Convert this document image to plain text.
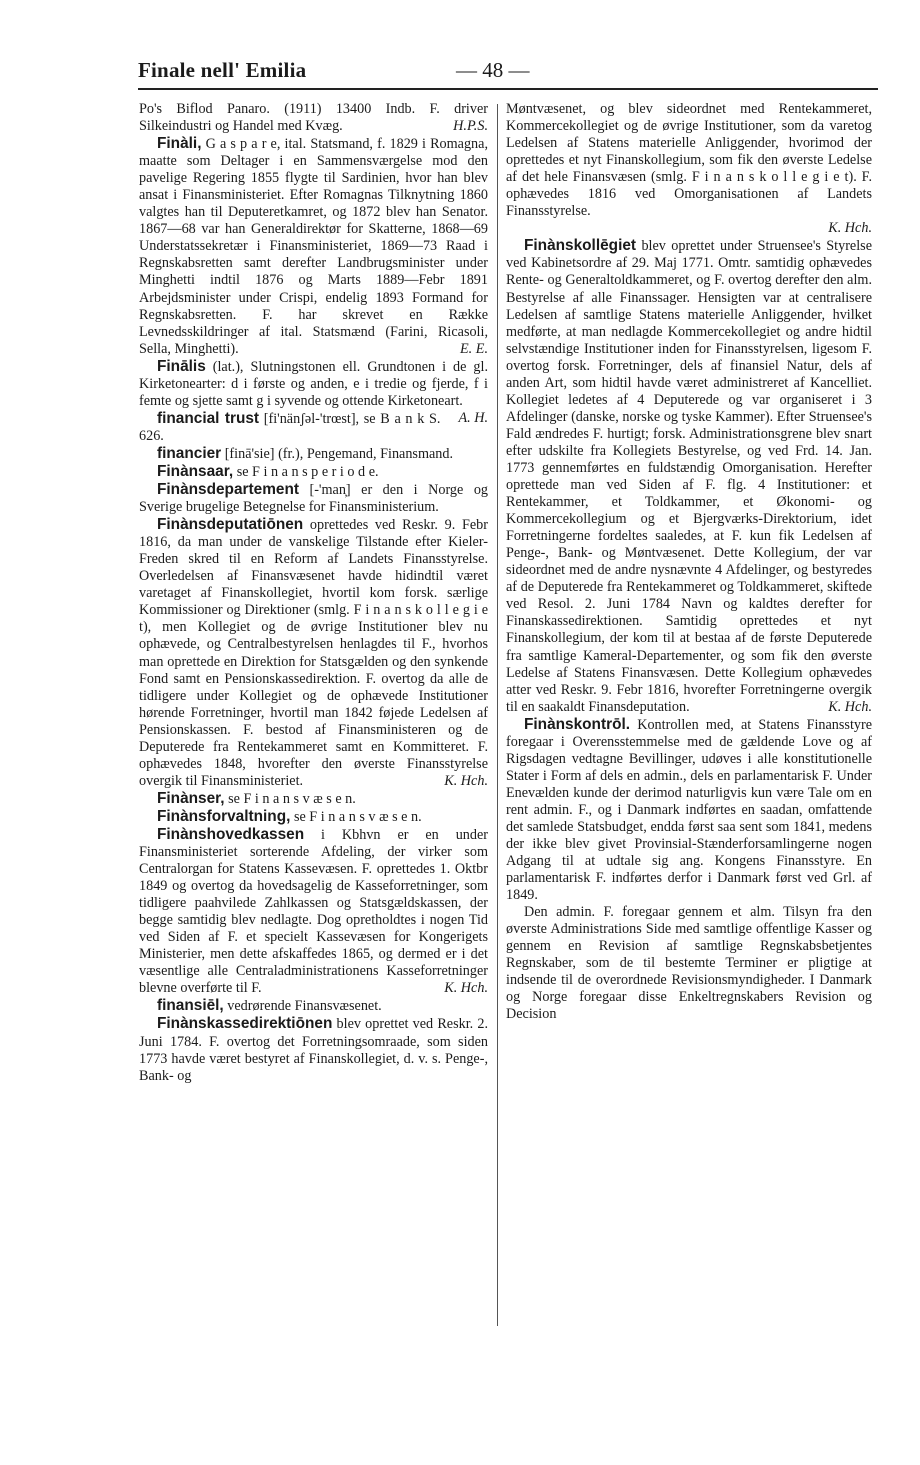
Finale nell' Emilia	— 48 —

Po's Biflod Panaro. (1911) 13400 Indb. F. driver Silkeindustri og Handel med Kvæg.	H.P.S.

Finàli, G a s p a r e, ital. Statsmand, f. 1829 i Romagna, maatte som Deltager i en Sammensværgelse mod den pavelige Regering 1855 flygte til Sardinien, hvor han blev ansat i Finansministeriet. Efter Romagnas Tilknytning 1860 valgtes han til Deputeretkamret, og 1872 blev han Senator. 1867—68 var han Generaldirektør for Skatterne, 1868—69 Understatssekretær i Finansministeriet, 1869—73 Raad i Regnskabsretten samt derefter Landbrugsminister under Minghetti indtil 1876 og Marts 1889—Febr 1891 Arbejdsminister under Crispi, endelig 1893 Formand for Regnskabsretten. F. har skrevet en Række Levnedsskildringer af ital. Statsmænd (Farini, Ricasoli, Sella, Minghetti).	E. E.

Finālis (lat.), Slutningstonen ell. Grundtonen i de gl. Kirketonearter: d i første og anden, e i tredie og fjerde, f i femte og sjette samt g i syvende og ottende Kirketoneart.
A. H.

financial trust [fi'nänʃəl-'trœst], se B a n k S. 626.

financier [finā'sie] (fr.), Pengemand, Finansmand.

Finànsaar, se F i n a n s p e r i o d e.

Finànsdepartement [-'man̦] er den i Norge og Sverige brugelige Betegnelse for Finansministerium.

Finànsdeputatiōnen oprettedes ved Reskr. 9. Febr 1816, da man under de vanskelige Tilstande efter Kieler-Freden skred til en Reform af Landets Finansstyrelse. Overledelsen af Finansvæsenet havde hidindtil været varetaget af Finanskollegiet, hvortil kom forsk. særlige Kommissioner og Direktioner (smlg. F i n a n s k o l l e g i e t), men Kollegiet og de øvrige Institutioner blev nu ophævede, og Centralbestyrelsen henlagdes til F., hvorhos man oprettede en Direktion for Statsgælden og den synkende Fond samt en Pensionskassedirektion. F. overtog da alle de tidligere under Kollegiet og de ophævede Institutioner hørende Forretninger, hvortil man 1842 føjede Ledelsen af Pensionskassen. F. bestod af Finansministeren og de Deputerede fra Rentekammeret samt en Kommitteret. F. ophævedes 1848, hvorefter den øverste Finansstyrelse overgik til Finansministeriet.	K. Hch.

Finànser, se F i n a n s v æ s e n.

Finànsforvaltning, se F i n a n s v æ s e n.

Finànshovedkassen i Kbhvn er en under Finansministeriet sorterende Afdeling, der virker som Centralorgan for Statens Kassevæsen. F. oprettedes 1. Oktbr 1849 og overtog da hovedsagelig de Kasseforretninger, som tidligere paahvilede Zahlkassen og Statsgældskassen, der begge samtidig blev nedlagte. Dog opretholdtes i nogen Tid ved Siden af F. et specielt Kassevæsen for Kongerigets Ministerier, men dette afskaffedes 1865, og dermed er i det væsentlige alle Centraladministrationens Kasseforretninger blevne overførte til F.	K. Hch.

finansiēl, vedrørende Finansvæsenet.

Finànskassedirektiōnen blev oprettet ved Reskr. 2. Juni 1784. F. overtog det Forretningsomraade, som siden 1773 havde været bestyret af Finanskollegiet, d. v. s. Penge-, Bank- og

Møntvæsenet, og blev sideordnet med Rentekammeret, Kommercekollegiet og de øvrige Institutioner, som da varetog Ledelsen af Statens materielle Anliggender, hvorimod der oprettedes et nyt Finanskollegium, som fik den øverste Ledelse af det hele Finansvæsen (smlg. F i n a n s k o l l e g i e t). F. ophævedes 1816 ved Omorganisationen af Landets Finansstyrelse.

K. Hch.

Finànskollēgiet blev oprettet under Struensee's Styrelse ved Kabinetsordre af 29. Maj 1771. Omtr. samtidig ophævedes Rente- og Generaltoldkammeret, og F. overtog derefter den alm. Bestyrelse af alle Finanssager. Hensigten var at centralisere Ledelsen af samtlige Statens materielle Anliggender, hvilket medførte, at man nedlagde Kommercekollegiet og andre hidtil selvstændige Institutioner inden for Finansstyrelsen, ligesom F. overtog forsk. Forretninger, dels af finansiel Natur, dels af anden Art, som hidtil havde været administreret af Kancelliet. Kollegiet ledetes af 4 Deputerede og var organiseret i 3 Afdelinger (danske, norske og tyske Kammer). Efter Struensee's Fald ændredes F. hurtigt; forsk. Administrationsgrene blev snart efter udskilte fra Kollegiets Bestyrelse, og ved Frd. 14. Jan. 1773 gennemførtes en fuldstændig Omorganisation. Herefter oprettede man ved Siden af F. flg. 4 Institutioner: et Rentekammer, et Toldkammer, et Økonomi- og Kommercekollegium og et Bjergværks-Direktorium, idet Forretningerne fordeltes saaledes, at F. kun fik Ledelsen af Penge-, Bank- og Møntvæsenet. Dette Kollegium, der var sideordnet med de andre nysnævnte 4 Afdelinger, og bestyredes af de Deputerede fra Rentekammeret og Toldkammeret, skiftede ved Resol. 2. Juni 1784 Navn og kaldtes derefter for Finanskassedirektionen. Samtidig oprettedes et nyt Finanskollegium, der kom til at bestaa af de første Deputerede fra samtlige Kameral-Departementer, og som fik den øverste Ledelse af Statens Finansvæsen. Dette Kollegium ophævedes atter ved Reskr. 9. Febr 1816, hvorefter Forretningerne overgik til en saakaldt Finansdeputation.	K. Hch.

Finànskontrōl. Kontrollen med, at Statens Finansstyre foregaar i Overensstemmelse med de gældende Love og af Rigsdagen vedtagne Bevillinger, udøves i alle konstitutionelle Stater i Form af dels en admin., dels en parlamentarisk F. Under Enevælden kunde der derimod naturligvis kun være Tale om en rent admin. F., og i Danmark indførtes en saadan, omfattende det samlede Statsbudget, endda først saa sent som 1841, medens der ikke blev givet Provinsial-Stænderforsamlingerne nogen Adgang til at udtale sig ang. Kongens Finansstyre. En parlamentarisk F. indførtes derfor i Danmark først ved Grl. af 1849.

Den admin. F. foregaar gennem et alm. Tilsyn fra den øverste Administrations Side med samtlige offentlige Kasser og gennem en Revision af samtlige Regnskabsbetjentes Regnskaber, som de til bestemte Terminer er pligtige at indsende til de overordnede Revisionsmyndigheder. I Danmark og Norge foregaar disse Enkeltregnskabers Revision og Decision
